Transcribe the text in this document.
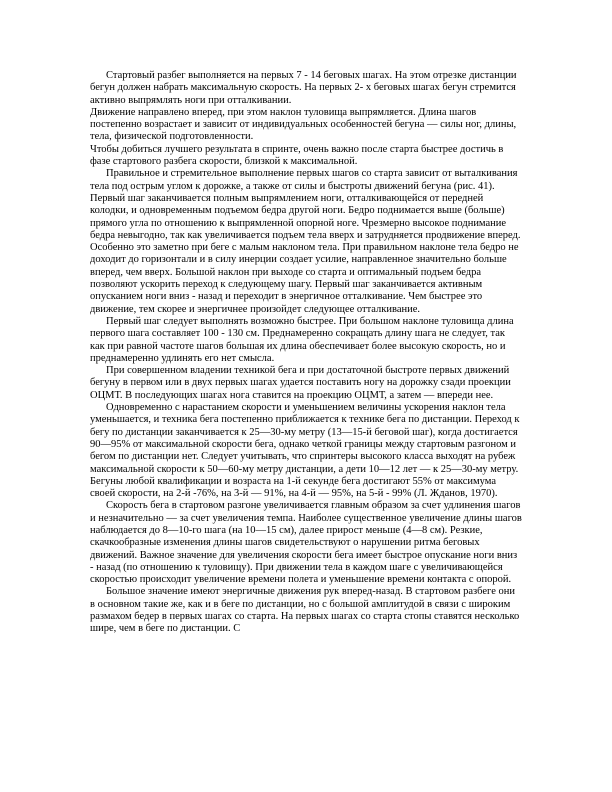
Стартовый разбег выполняется на первых 7 - 14 беговых шагах. На этом отрезке дистанции бегун должен набрать максимальную скорость. На первых 2- х беговых шагах бегун стремится активно выпрямлять ноги при отталкивании.

Движение направлено вперед, при этом наклон туловища выпрямляется. Длина шагов постепенно возрастает и зависит от индивидуальных особенностей бегуна — силы ног, длины, тела, физической подготовленности.

Чтобы добиться лучшего результата в спринте, очень важно после старта быстрее достичь в фазе стартового разбега скорости, близкой к максимальной.

Правильное и стремительное выполнение первых шагов со старта зависит от выталкивания тела под острым углом к дорожке, а также от силы и быстроты движений бегуна (рис. 41). Первый шаг заканчивается полным выпрямлением ноги, отталкивающейся от передней колодки, и одновременным подъемом бедра другой ноги. Бедро поднимается выше (больше) прямого угла по отношению к выпрямленной опорной ноге. Чрезмерно высокое поднимание бедра невыгодно, так как увеличивается подъем тела вверх и затрудняется продвижение вперед. Особенно это заметно при беге с малым наклоном тела. При правильном наклоне тела бедро не доходит до горизонтали и в силу инерции создает усилие, направленное значительно больше вперед, чем вверх. Большой наклон при выходе со старта и оптимальный подъем бедра позволяют ускорить переход к следующему шагу. Первый шаг заканчивается активным опусканием ноги вниз - назад и переходит в энергичное отталкивание. Чем быстрее это движение, тем скорее и энергичнее произойдет следующее отталкивание.

Первый шаг следует выполнять возможно быстрее. При большом наклоне туловища длина первого шага составляет 100 - 130 см. Преднамеренно сокращать длину шага не следует, так как при равной частоте шагов большая их длина обеспечивает более высокую скорость, но и преднамеренно удлинять его нет смысла.

При совершенном владении техникой бега и при достаточной быстроте первых движений бегуну в первом или в двух первых шагах удается поставить ногу на дорожку сзади проекции ОЦМТ. В последующих шагах нога ставится на проекцию ОЦМТ, а затем — впереди нее.

Одновременно с нарастанием скорости и уменьшением величины ускорения наклон тела уменьшается, и техника бега постепенно приближается к технике бега по дистанции. Переход к бегу по дистанции заканчивается к 25—30-му метру (13—15-й беговой шаг), когда достигается 90—95% от максимальной скорости бега, однако четкой границы между стартовым разгоном и бегом по дистанции нет. Следует учитывать, что спринтеры высокого класса выходят на рубеж максимальной скорости к 50—60-му метру дистанции, а дети 10—12 лет — к 25—30-му метру. Бегуны любой квалификации и возраста на 1-й секунде бега достигают 55% от максимума своей скорости, на 2-й -76%, на 3-й — 91%, на 4-й — 95%, на 5-й - 99% (Л. Жданов, 1970).

Скорость бега в стартовом разгоне увеличивается главным образом за счет удлинения шагов и незначительно — за счет увеличения темпа. Наиболее существенное увеличение длины шагов наблюдается до 8—10-го шага (на 10—15 см), далее прирост меньше (4—8 см). Резкие, скачкообразные изменения длины шагов свидетельствуют о нарушении ритма беговых движений. Важное значение для увеличения скорости бега имеет быстрое опускание ноги вниз - назад (по отношению к туловищу). При движении тела в каждом шаге с увеличивающейся скоростью происходит увеличение времени полета и уменьшение времени контакта с опорой.

Большое значение имеют энергичные движения рук вперед-назад. В стартовом разбеге они в основном такие же, как и в беге по дистанции, но с большой амплитудой в связи с широким размахом бедер в первых шагах со старта. На первых шагах со старта стопы ставятся несколько шире, чем в беге по дистанции. С
